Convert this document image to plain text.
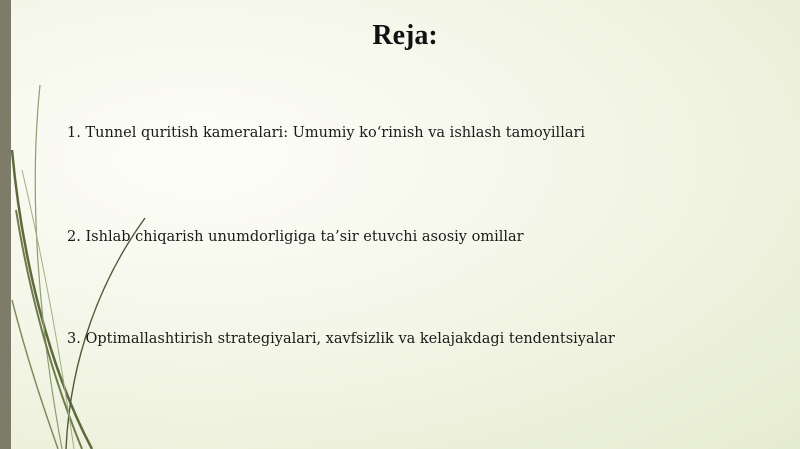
Reja:
1. Tunnel quritish kameralari: Umumiy ko‘rinish va ishlash tamoyillari
2. Ishlab chiqarish unumdorligiga ta’sir etuvchi asosiy omillar
3. Optimallashtirish strategiyalari, xavfsizlik va kelajakdagi tendentsiyalar
